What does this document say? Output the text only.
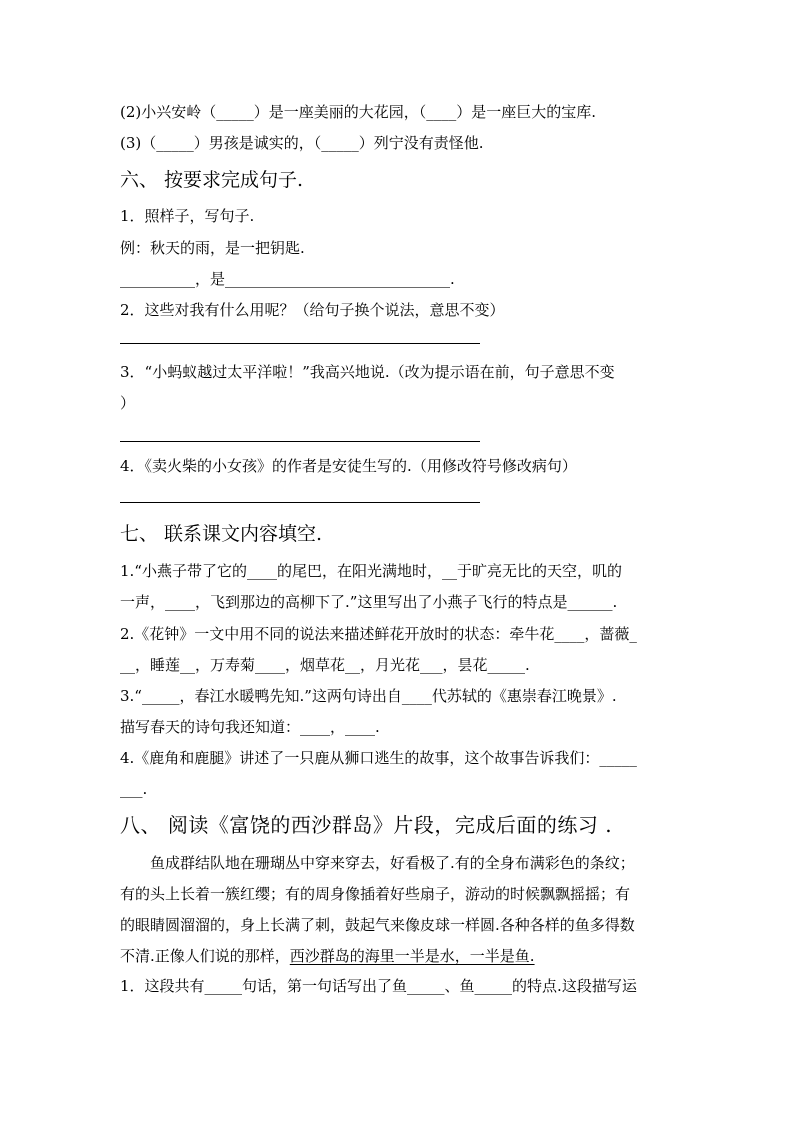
(2)小兴安岭（_____）是一座美丽的大花园，（____）是一座巨大的宝库.
(3)（_____）男孩是诚实的，（_____）列宁没有责怪他.
六、 按要求完成句子.
1．照样子，写句子.
例：秋天的雨，是一把钥匙.
__________，是______________________________.
2．这些对我有什么用呢？（给句子换个说法，意思不变）
3．“小蚂蚁越过太平洋啦！”我高兴地说.（改为提示语在前，句子意思不变
）
4．《卖火柴的小女孩》的作者是安徒生写的.（用修改符号修改病句）
七、 联系课文内容填空.
1.“小燕子带了它的____的尾巴，在阳光满地时，__于旷亮无比的天空，叽的
一声，____，飞到那边的高柳下了.”这里写出了小燕子飞行的特点是______.
2.《花钟》一文中用不同的说法来描述鲜花开放时的状态：牵牛花____，蔷薇_
__，睡莲__，万寿菊____，烟草花__，月光花___，昙花_____.
3.“_____，春江水暖鸭先知.”这两句诗出自____代苏轼的《惠崇春江晚景》.
描写春天的诗句我还知道：____，____.
4.《鹿角和鹿腿》讲述了一只鹿从狮口逃生的故事，这个故事告诉我们：_____
___.
八、 阅读《富饶的西沙群岛》片段，完成后面的练习 .
鱼成群结队地在珊瑚丛中穿来穿去，好看极了.有的全身布满彩色的条纹；
有的头上长着一簇红缨；有的周身像插着好些扇子，游动的时候飘飘摇摇；有
的眼睛圆溜溜的，身上长满了刺，鼓起气来像皮球一样圆.各种各样的鱼多得数
不清.正像人们说的那样，西沙群岛的海里一半是水，一半是鱼.
1．这段共有_____句话，第一句话写出了鱼_____、鱼_____的特点.这段描写运
